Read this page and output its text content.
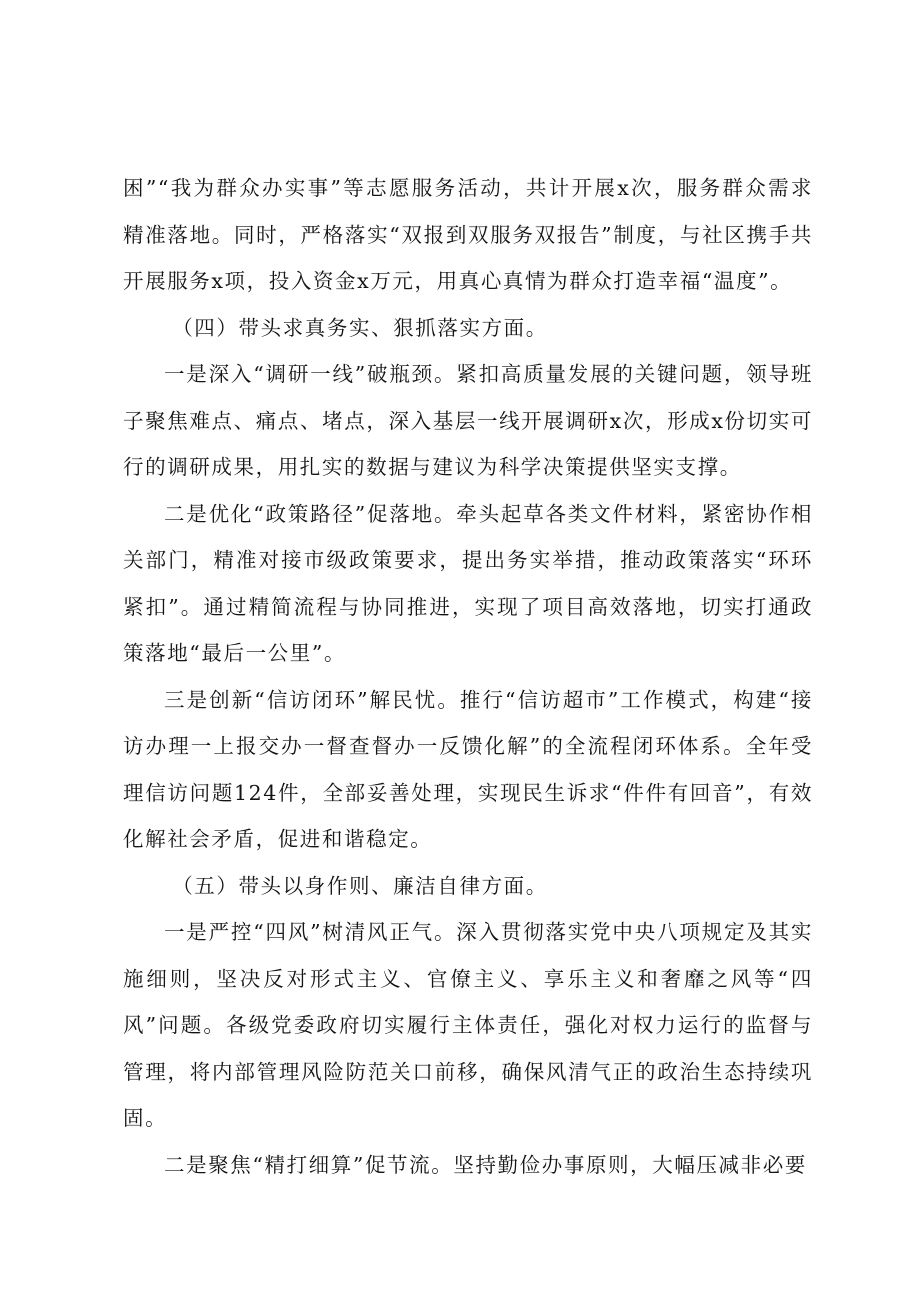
困”“我为群众办实事”等志愿服务活动，共计开展x次，服务群众需求精准落地。同时，严格落实“双报到双服务双报告”制度，与社区携手共开展服务x项，投入资金x万元，用真心真情为群众打造幸福“温度”。

（四）带头求真务实、狠抓落实方面。

一是深入“调研一线”破瓶颈。紧扣高质量发展的关键问题，领导班子聚焦难点、痛点、堵点，深入基层一线开展调研x次，形成x份切实可行的调研成果，用扎实的数据与建议为科学决策提供坚实支撑。

二是优化“政策路径”促落地。牵头起草各类文件材料，紧密协作相关部门，精准对接市级政策要求，提出务实举措，推动政策落实“环环紧扣”。通过精简流程与协同推进，实现了项目高效落地，切实打通政策落地“最后一公里”。

三是创新“信访闭环”解民忧。推行“信访超市”工作模式，构建“接访办理一上报交办一督查督办一反馈化解”的全流程闭环体系。全年受理信访问题124件，全部妥善处理，实现民生诉求“件件有回音”，有效化解社会矛盾，促进和谐稳定。

（五）带头以身作则、廉洁自律方面。

一是严控“四风”树清风正气。深入贯彻落实党中央八项规定及其实施细则，坚决反对形式主义、官僚主义、享乐主义和奢靡之风等“四风”问题。各级党委政府切实履行主体责任，强化对权力运行的监督与管理，将内部管理风险防范关口前移，确保风清气正的政治生态持续巩固。

二是聚焦“精打细算”促节流。坚持勤俭办事原则，大幅压减非必要
